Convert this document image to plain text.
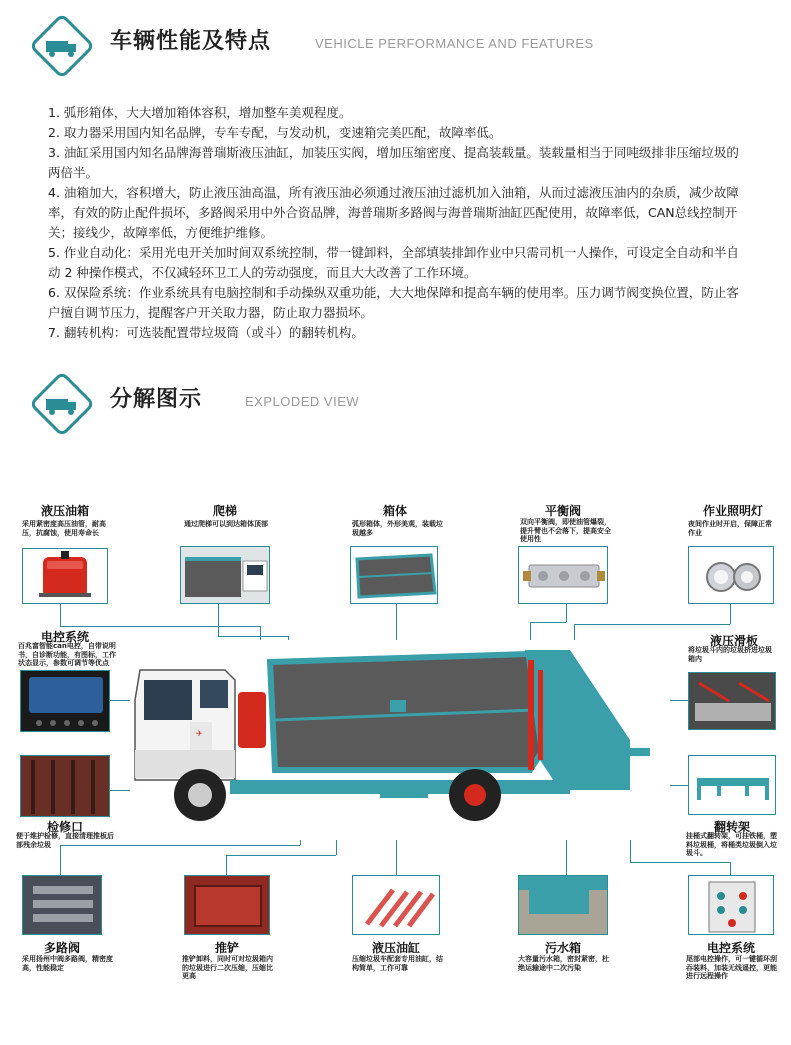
车辆性能及特点	VEHICLE PERFORMANCE AND FEATURES

1. 弧形箱体，大大增加箱体容积，增加整车美观程度。

2. 取力器采用国内知名品牌，专车专配，与发动机，变速箱完美匹配，故障率低。

3. 油缸采用国内知名品牌海普瑞斯液压油缸，加装压实阀，增加压缩密度、提高装载量。装载量相当于同吨级排非压缩垃圾的两倍半。

4. 油箱加大，容积增大，防止液压油高温，所有液压油必须通过液压油过滤机加入油箱，从而过滤液压油内的杂质，减少故障率，有效的防止配件损坏，多路阀采用中外合资品牌，海普瑞斯多路阀与海普瑞斯油缸匹配使用，故障率低，CAN总线控制开关；接线少，故障率低，方便维护维修。

5. 作业自动化：采用光电开关加时间双系统控制，带一键卸料，全部填装排卸作业中只需司机一人操作，可设定全自动和半自动 2 种操作模式，不仅减轻环卫工人的劳动强度，而且大大改善了工作环境。

6. 双保险系统：作业系统具有电脑控制和手动操纵双重功能，大大地保障和提高车辆的使用率。压力调节阀变换位置，防止客户擅自调节压力，提醒客户开关取力器，防止取力器损坏。

7. 翻转机构：可选装配置带垃圾筒（或斗）的翻转机构。

分解图示	EXPLODED VIEW
液压油箱
采用紧密度高压油管，耐高压，抗腐蚀，使用寿命长
爬梯
通过爬梯可以到达箱体顶部
箱体
弧形箱体，外形美观，装载垃圾越多
平衡阀
双向平衡阀，即使油管爆裂，提升臂也不会落下，提高安全使用性
作业照明灯
夜间作业时开启，保障正常作业
电控系统
百兆富智能can电控，自带说明书，自诊断功能，有图标，工作状态显示，参数可调节等优点
检修口
便于维护检修，直接清理推板后部残余垃圾
液压滑板
将垃圾斗内的垃圾挤进垃圾箱内
翻转架
挂桶式翻转架，可挂铁桶，塑料垃圾桶，将桶类垃圾倒入垃圾斗。
✈
多路阀
采用扬州中阀多路阀，精密度高，性能稳定
推铲
推铲卸料，同时可对垃圾箱内的垃圾进行二次压缩，压缩比更高
液压油缸
压缩垃圾车配套专用油缸，结构简单，工作可靠
污水箱
大容量污水箱，密封紧密，杜绝运输途中二次污染
电控系统
尾部电控操作，可一键循环刮吞装料，加装无线遥控，更能进行远程操作
